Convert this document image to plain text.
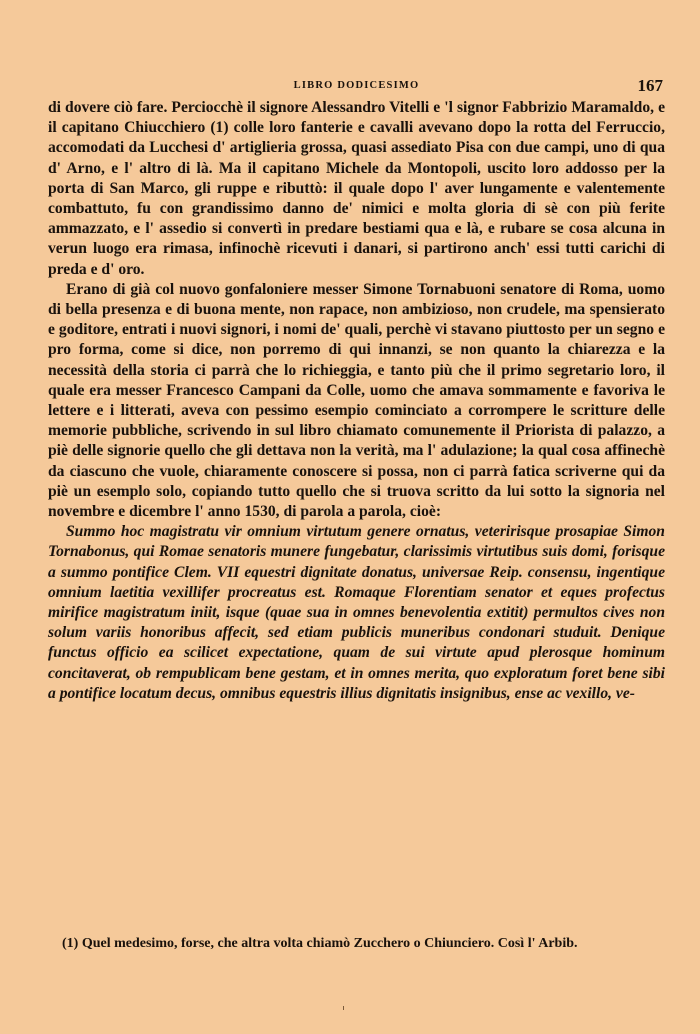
LIBRO DODICESIMO	167

di dovere ciò fare. Perciocchè il signore Alessandro Vitelli e 'l signor Fabbrizio Maramaldo, e il capitano Chiucchiero (1) colle loro fanterie e cavalli avevano dopo la rotta del Ferruccio, accomodati da Lucchesi d' artiglieria grossa, quasi assediato Pisa con due campi, uno di qua d' Arno, e l' altro di là. Ma il capitano Michele da Montopoli, uscito loro addosso per la porta di San Marco, gli ruppe e ributtò: il quale dopo l' aver lungamente e valentemente combattuto, fu con grandissimo danno de' nimici e molta gloria di sè con più ferite ammazzato, e l' assedio si convertì in predare bestiami qua e là, e rubare se cosa alcuna in verun luogo era rimasa, infinochè ricevuti i danari, si partirono anch' essi tutti carichi di preda e d' oro.

Erano di già col nuovo gonfaloniere messer Simone Tornabuoni senatore di Roma, uomo di bella presenza e di buona mente, non rapace, non ambizioso, non crudele, ma spensierato e goditore, entrati i nuovi signori, i nomi de' quali, perchè vi stavano piuttosto per un segno e pro forma, come si dice, non porremo di qui innanzi, se non quanto la chiarezza e la necessità della storia ci parrà che lo richieggia, e tanto più che il primo segretario loro, il quale era messer Francesco Campani da Colle, uomo che amava sommamente e favoriva le lettere e i litterati, aveva con pessimo esempio cominciato a corrompere le scritture delle memorie pubbliche, scrivendo in sul libro chiamato comunemente il Priorista di palazzo, a piè delle signorie quello che gli dettava non la verità, ma l' adulazione; la qual cosa affinechè da ciascuno che vuole, chiaramente conoscere si possa, non ci parrà fatica scriverne qui da piè un esemplo solo, copiando tutto quello che si truova scritto da lui sotto la signoria nel novembre e dicembre l' anno 1530, di parola a parola, cioè:

Summo hoc magistratu vir omnium virtutum genere ornatus, veteririsque prosapiae Simon Tornabonus, qui Romae senatoris munere fungebatur, clarissimis virtutibus suis domi, forisque a summo pontifice Clem. VII equestri dignitate donatus, universae Reip. consensu, ingentique omnium laetitia vexillifer procreatus est. Romaque Florentiam senator et eques profectus mirifice magistratum iniit, isque (quae sua in omnes benevolentia extitit) permultos cives non solum variis honoribus affecit, sed etiam publicis muneribus condonari studuit. Denique functus officio ea scilicet expectatione, quam de sui virtute apud plerosque hominum concitaverat, ob rempublicam bene gestam, et in omnes merita, quo exploratum foret bene sibi a pontifice locatum decus, omnibus equestris illius dignitatis insignibus, ense ac vexillo, ve-

(1) Quel medesimo, forse, che altra volta chiamò Zucchero o Chiunciero. Così l' Arbib.
